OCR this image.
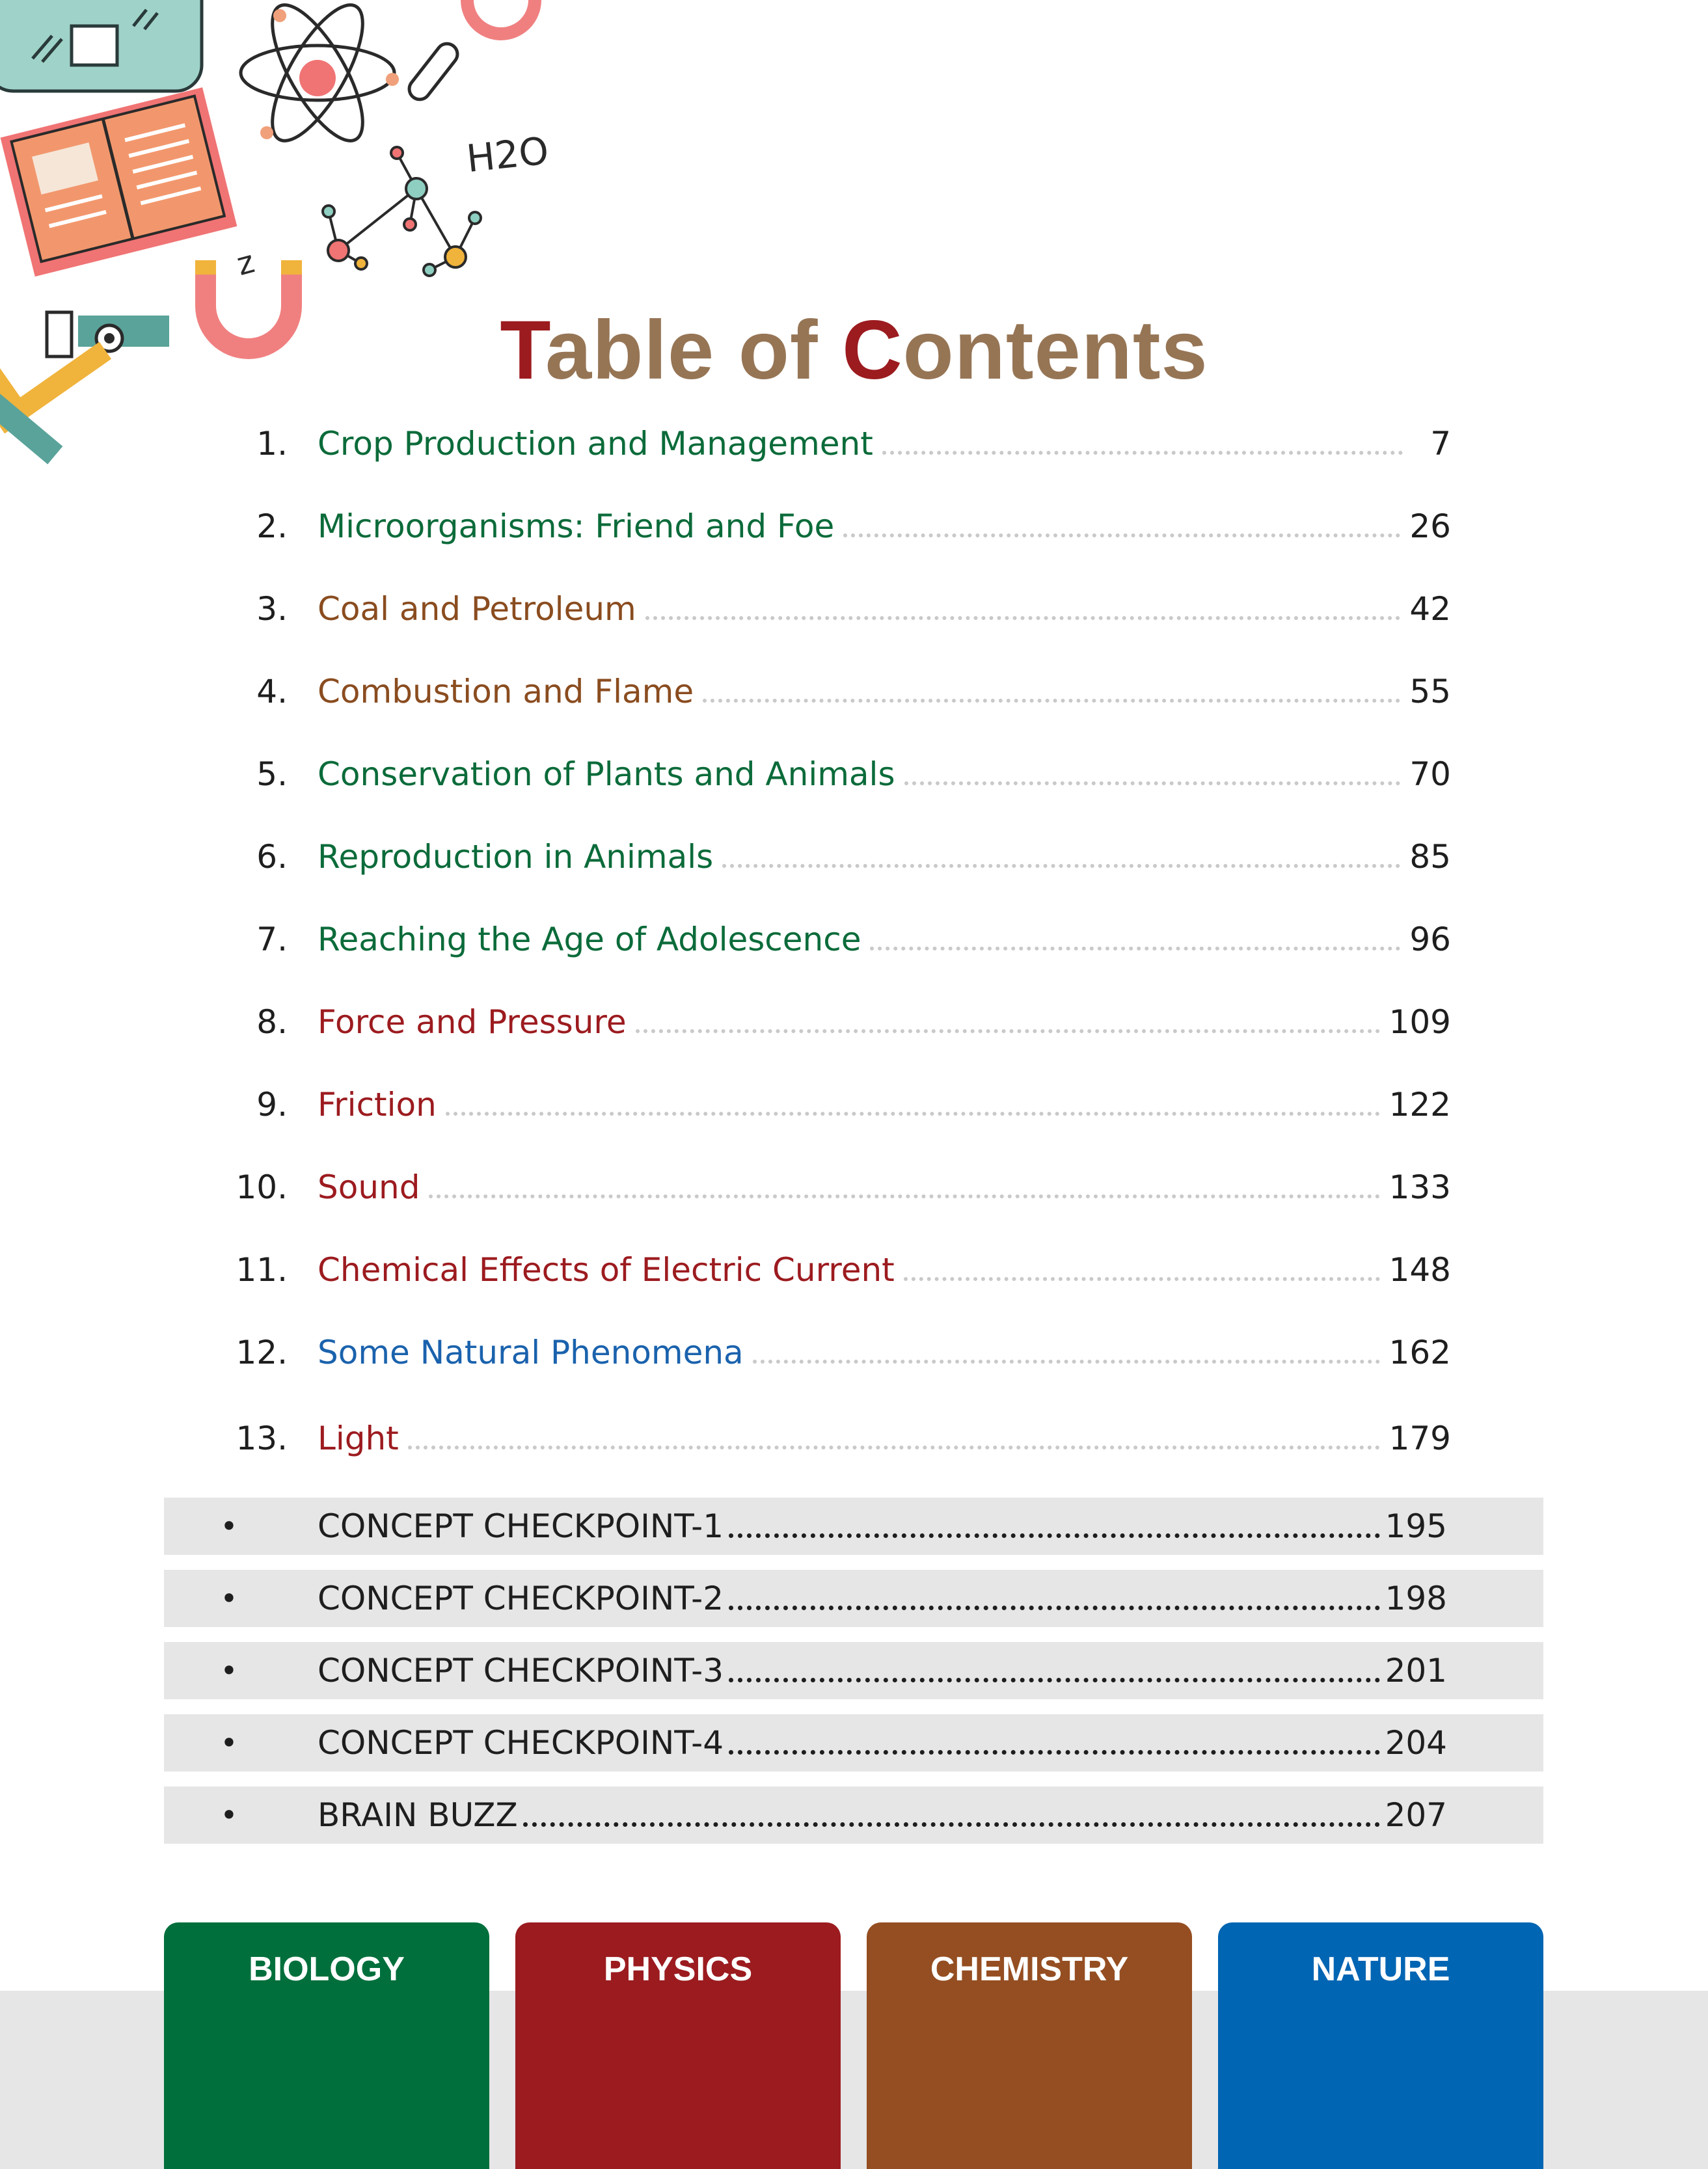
H2O
z
Table of Contents
1. Crop Production and Management	7
2. Microorganisms: Friend and Foe	26
3. Coal and Petroleum	42
4. Combustion and Flame	55
5. Conservation of Plants and Animals	70
6. Reproduction in Animals	85
7. Reaching the Age of Adolescence	96
8. Force and Pressure	109
9. Friction	122
10. Sound	133
11. Chemical Effects of Electric Current	148
12. Some Natural Phenomena	162
13. Light	179
•	CONCEPT CHECKPOINT-1	195
•	CONCEPT CHECKPOINT-2	198
•	CONCEPT CHECKPOINT-3	201
•	CONCEPT CHECKPOINT-4	204
•	BRAIN BUZZ	207
BIOLOGY	PHYSICS	CHEMISTRY	NATURE
